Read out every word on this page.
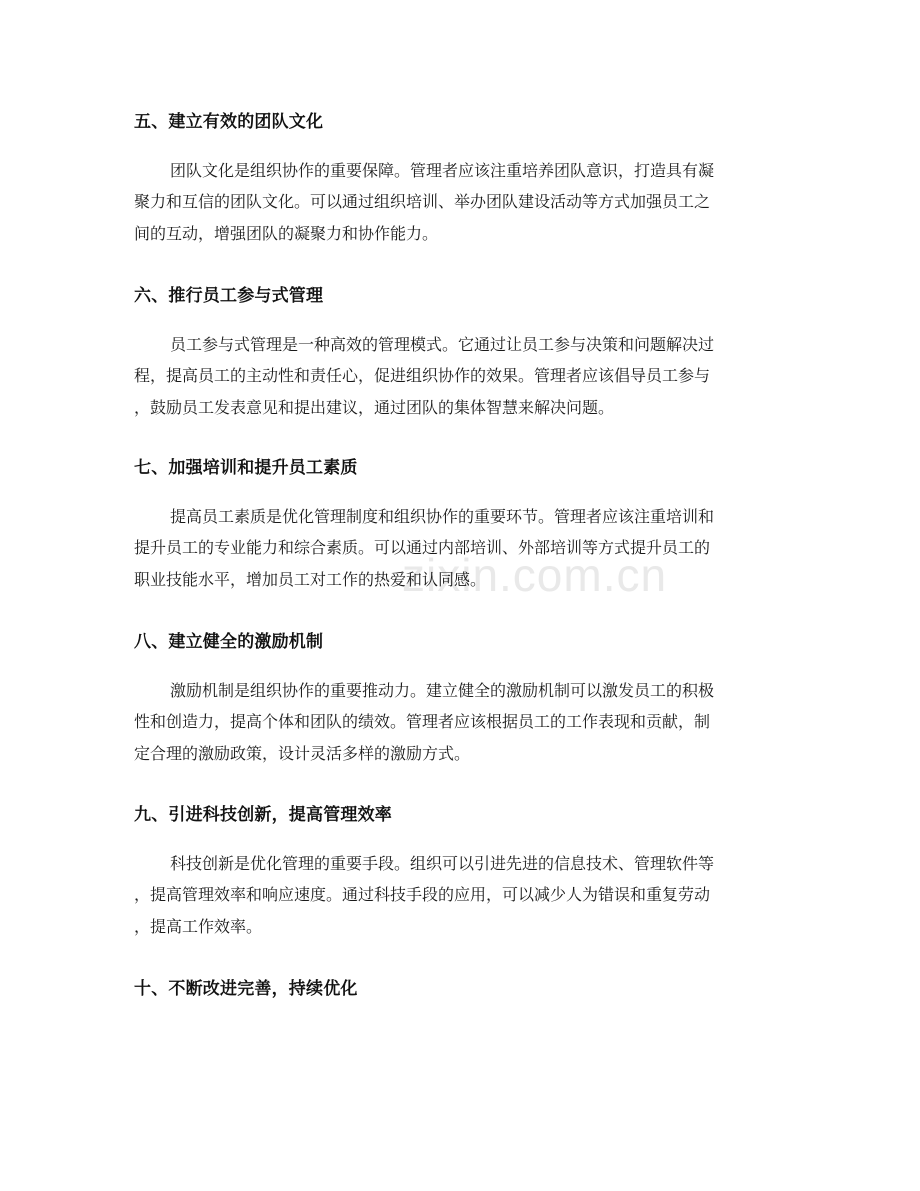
zixin.com.cn
五、建立有效的团队文化
团队文化是组织协作的重要保障。管理者应该注重培养团队意识，打造具有凝
聚力和互信的团队文化。可以通过组织培训、举办团队建设活动等方式加强员工之
间的互动，增强团队的凝聚力和协作能力。
六、推行员工参与式管理
员工参与式管理是一种高效的管理模式。它通过让员工参与决策和问题解决过
程，提高员工的主动性和责任心，促进组织协作的效果。管理者应该倡导员工参与
，鼓励员工发表意见和提出建议，通过团队的集体智慧来解决问题。
七、加强培训和提升员工素质
提高员工素质是优化管理制度和组织协作的重要环节。管理者应该注重培训和
提升员工的专业能力和综合素质。可以通过内部培训、外部培训等方式提升员工的
职业技能水平，增加员工对工作的热爱和认同感。
八、建立健全的激励机制
激励机制是组织协作的重要推动力。建立健全的激励机制可以激发员工的积极
性和创造力，提高个体和团队的绩效。管理者应该根据员工的工作表现和贡献，制
定合理的激励政策，设计灵活多样的激励方式。
九、引进科技创新，提高管理效率
科技创新是优化管理的重要手段。组织可以引进先进的信息技术、管理软件等
，提高管理效率和响应速度。通过科技手段的应用，可以减少人为错误和重复劳动
，提高工作效率。
十、不断改进完善，持续优化
